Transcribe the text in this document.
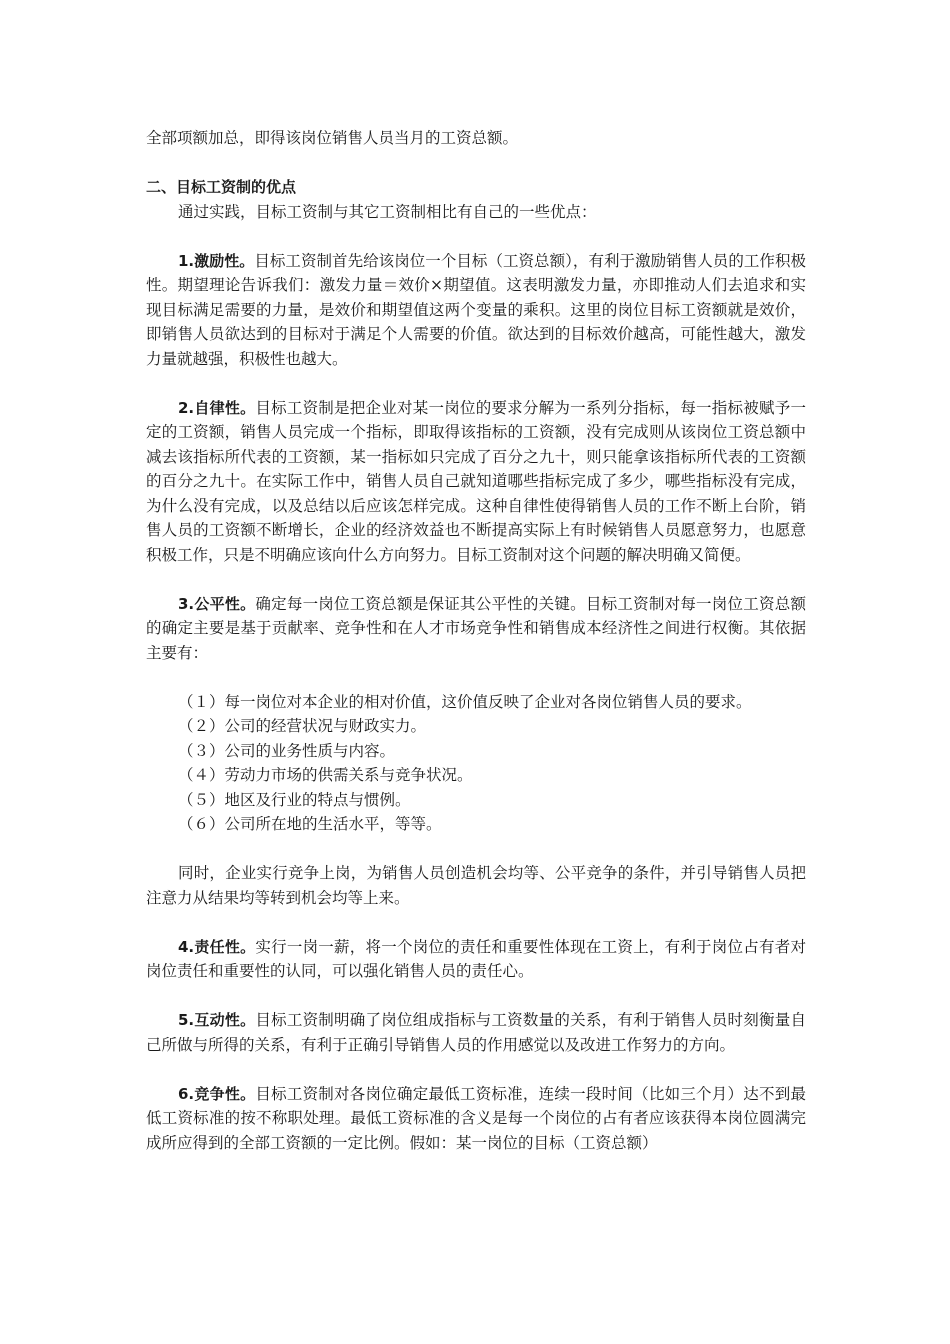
全部项额加总，即得该岗位销售人员当月的工资总额。

二、目标工资制的优点

通过实践，目标工资制与其它工资制相比有自己的一些优点：

1.激励性。目标工资制首先给该岗位一个目标（工资总额），有利于激励销售人员的工作积极性。期望理论告诉我们：激发力量＝效价×期望值。这表明激发力量，亦即推动人们去追求和实现目标满足需要的力量，是效价和期望值这两个变量的乘积。这里的岗位目标工资额就是效价，即销售人员欲达到的目标对于满足个人需要的价值。欲达到的目标效价越高，可能性越大，激发力量就越强，积极性也越大。

2.自律性。目标工资制是把企业对某一岗位的要求分解为一系列分指标，每一指标被赋予一定的工资额，销售人员完成一个指标，即取得该指标的工资额，没有完成则从该岗位工资总额中减去该指标所代表的工资额，某一指标如只完成了百分之九十，则只能拿该指标所代表的工资额的百分之九十。在实际工作中，销售人员自己就知道哪些指标完成了多少，哪些指标没有完成，为什么没有完成，以及总结以后应该怎样完成。这种自律性使得销售人员的工作不断上台阶，销售人员的工资额不断增长，企业的经济效益也不断提高实际上有时候销售人员愿意努力，也愿意积极工作，只是不明确应该向什么方向努力。目标工资制对这个问题的解决明确又简便。

3.公平性。确定每一岗位工资总额是保证其公平性的关键。目标工资制对每一岗位工资总额的确定主要是基于贡献率、竞争性和在人才市场竞争性和销售成本经济性之间进行权衡。其依据主要有：

（１）每一岗位对本企业的相对价值，这价值反映了企业对各岗位销售人员的要求。

（２）公司的经营状况与财政实力。

（３）公司的业务性质与内容。

（４）劳动力市场的供需关系与竞争状况。

（５）地区及行业的特点与惯例。

（６）公司所在地的生活水平，等等。

同时，企业实行竞争上岗，为销售人员创造机会均等、公平竞争的条件，并引导销售人员把注意力从结果均等转到机会均等上来。

4.责任性。实行一岗一薪，将一个岗位的责任和重要性体现在工资上，有利于岗位占有者对岗位责任和重要性的认同，可以强化销售人员的责任心。

5.互动性。目标工资制明确了岗位组成指标与工资数量的关系，有利于销售人员时刻衡量自己所做与所得的关系，有利于正确引导销售人员的作用感觉以及改进工作努力的方向。

6.竞争性。目标工资制对各岗位确定最低工资标准，连续一段时间（比如三个月）达不到最低工资标准的按不称职处理。最低工资标准的含义是每一个岗位的占有者应该获得本岗位圆满完成所应得到的全部工资额的一定比例。假如：某一岗位的目标（工资总额）
